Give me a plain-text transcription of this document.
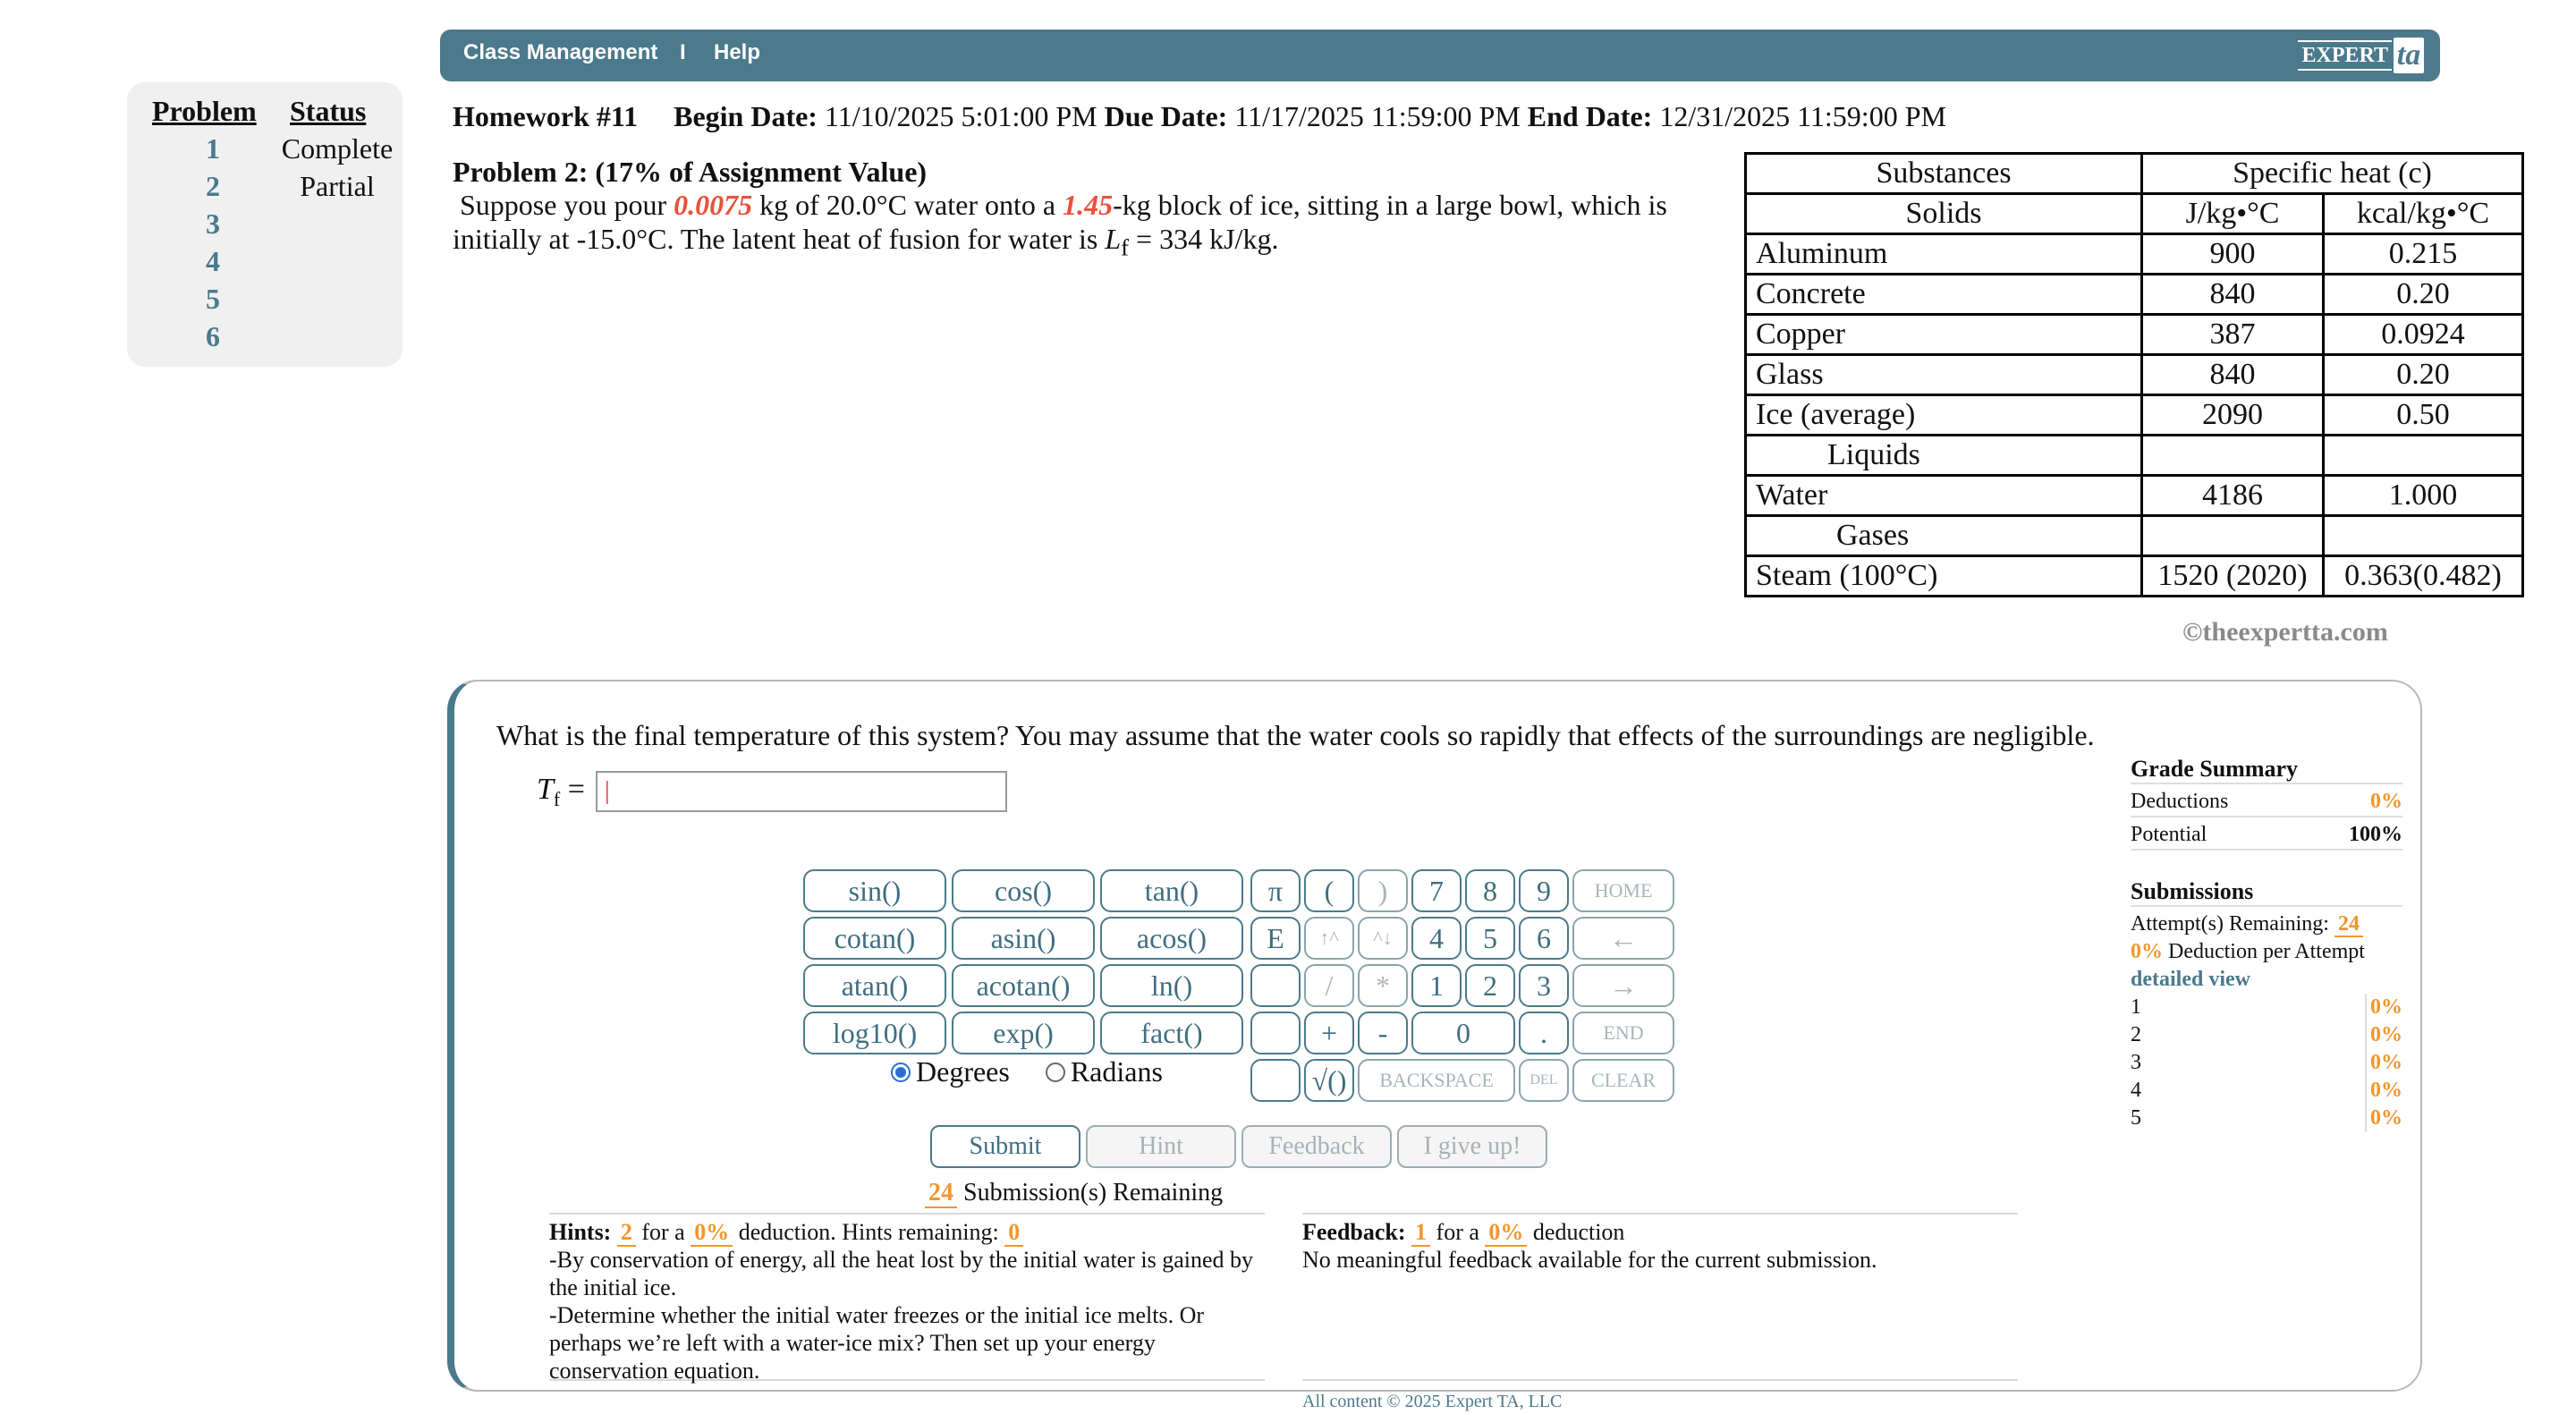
Class Management I Help	EXPERT ta
Problem Status
1	Complete
2	Partial
3
4
5
6
Homework #11 Begin Date: 11/10/2025 5:01:00 PM Due Date: 11/17/2025 11:59:00 PM End Date: 12/31/2025 11:59:00 PM
Problem 2: (17% of Assignment Value)
Suppose you pour 0.0075 kg of 20.0°C water onto a 1.45-kg block of ice, sitting in a large bowl, which is initially at -15.0°C. The latent heat of fusion for water is $L_f = 334$ kJ/kg.
Substances	Specific heat (c)	
Solids	J/kg•°C	kcal/kg•°C
Aluminum	900	0.215
Concrete	840	0.20
Copper	387	0.0924
Glass	840	0.20
Ice (average)	2090	0.50
Liquids		
Water	4186	1.000
Gases		
Steam (100°C)	1520 (2020)	0.363(0.482)
©theexpertta.com
What is the final temperature of this system? You may assume that the water cools so rapidly that effects of the surroundings are negligible.
$T_f$ =
|
sin()	cos()	tan()
cotan()	asin()	acos()
atan()	acotan()	ln()
log10()	exp()	fact()
π
E
(	)
↑^	^↓
/	*
+	-
√()
7	8	9
4	5	6
1	2	3
0	.
BACKSPACE
HOME
←
→
END
DEL	CLEAR
Degrees Radians
Submit	Hint	Feedback	I give up!
24 Submission(s) Remaining
Hints: 2 for a 0% deduction. Hints remaining: 0
-By conservation of energy, all the heat lost by the initial water is gained by the initial ice.
-Determine whether the initial water freezes or the initial ice melts. Or perhaps we’re left with a water-ice mix? Then set up your energy conservation equation.
Feedback: 1 for a 0% deduction
No meaningful feedback available for the current submission.
Grade Summary
Deductions	0%
Potential	100%
Submissions
Attempt(s) Remaining: 24
0% Deduction per Attempt
detailed view
1	0%
2	0%
3	0%
4	0%
5	0%
All content © 2025 Expert TA, LLC
